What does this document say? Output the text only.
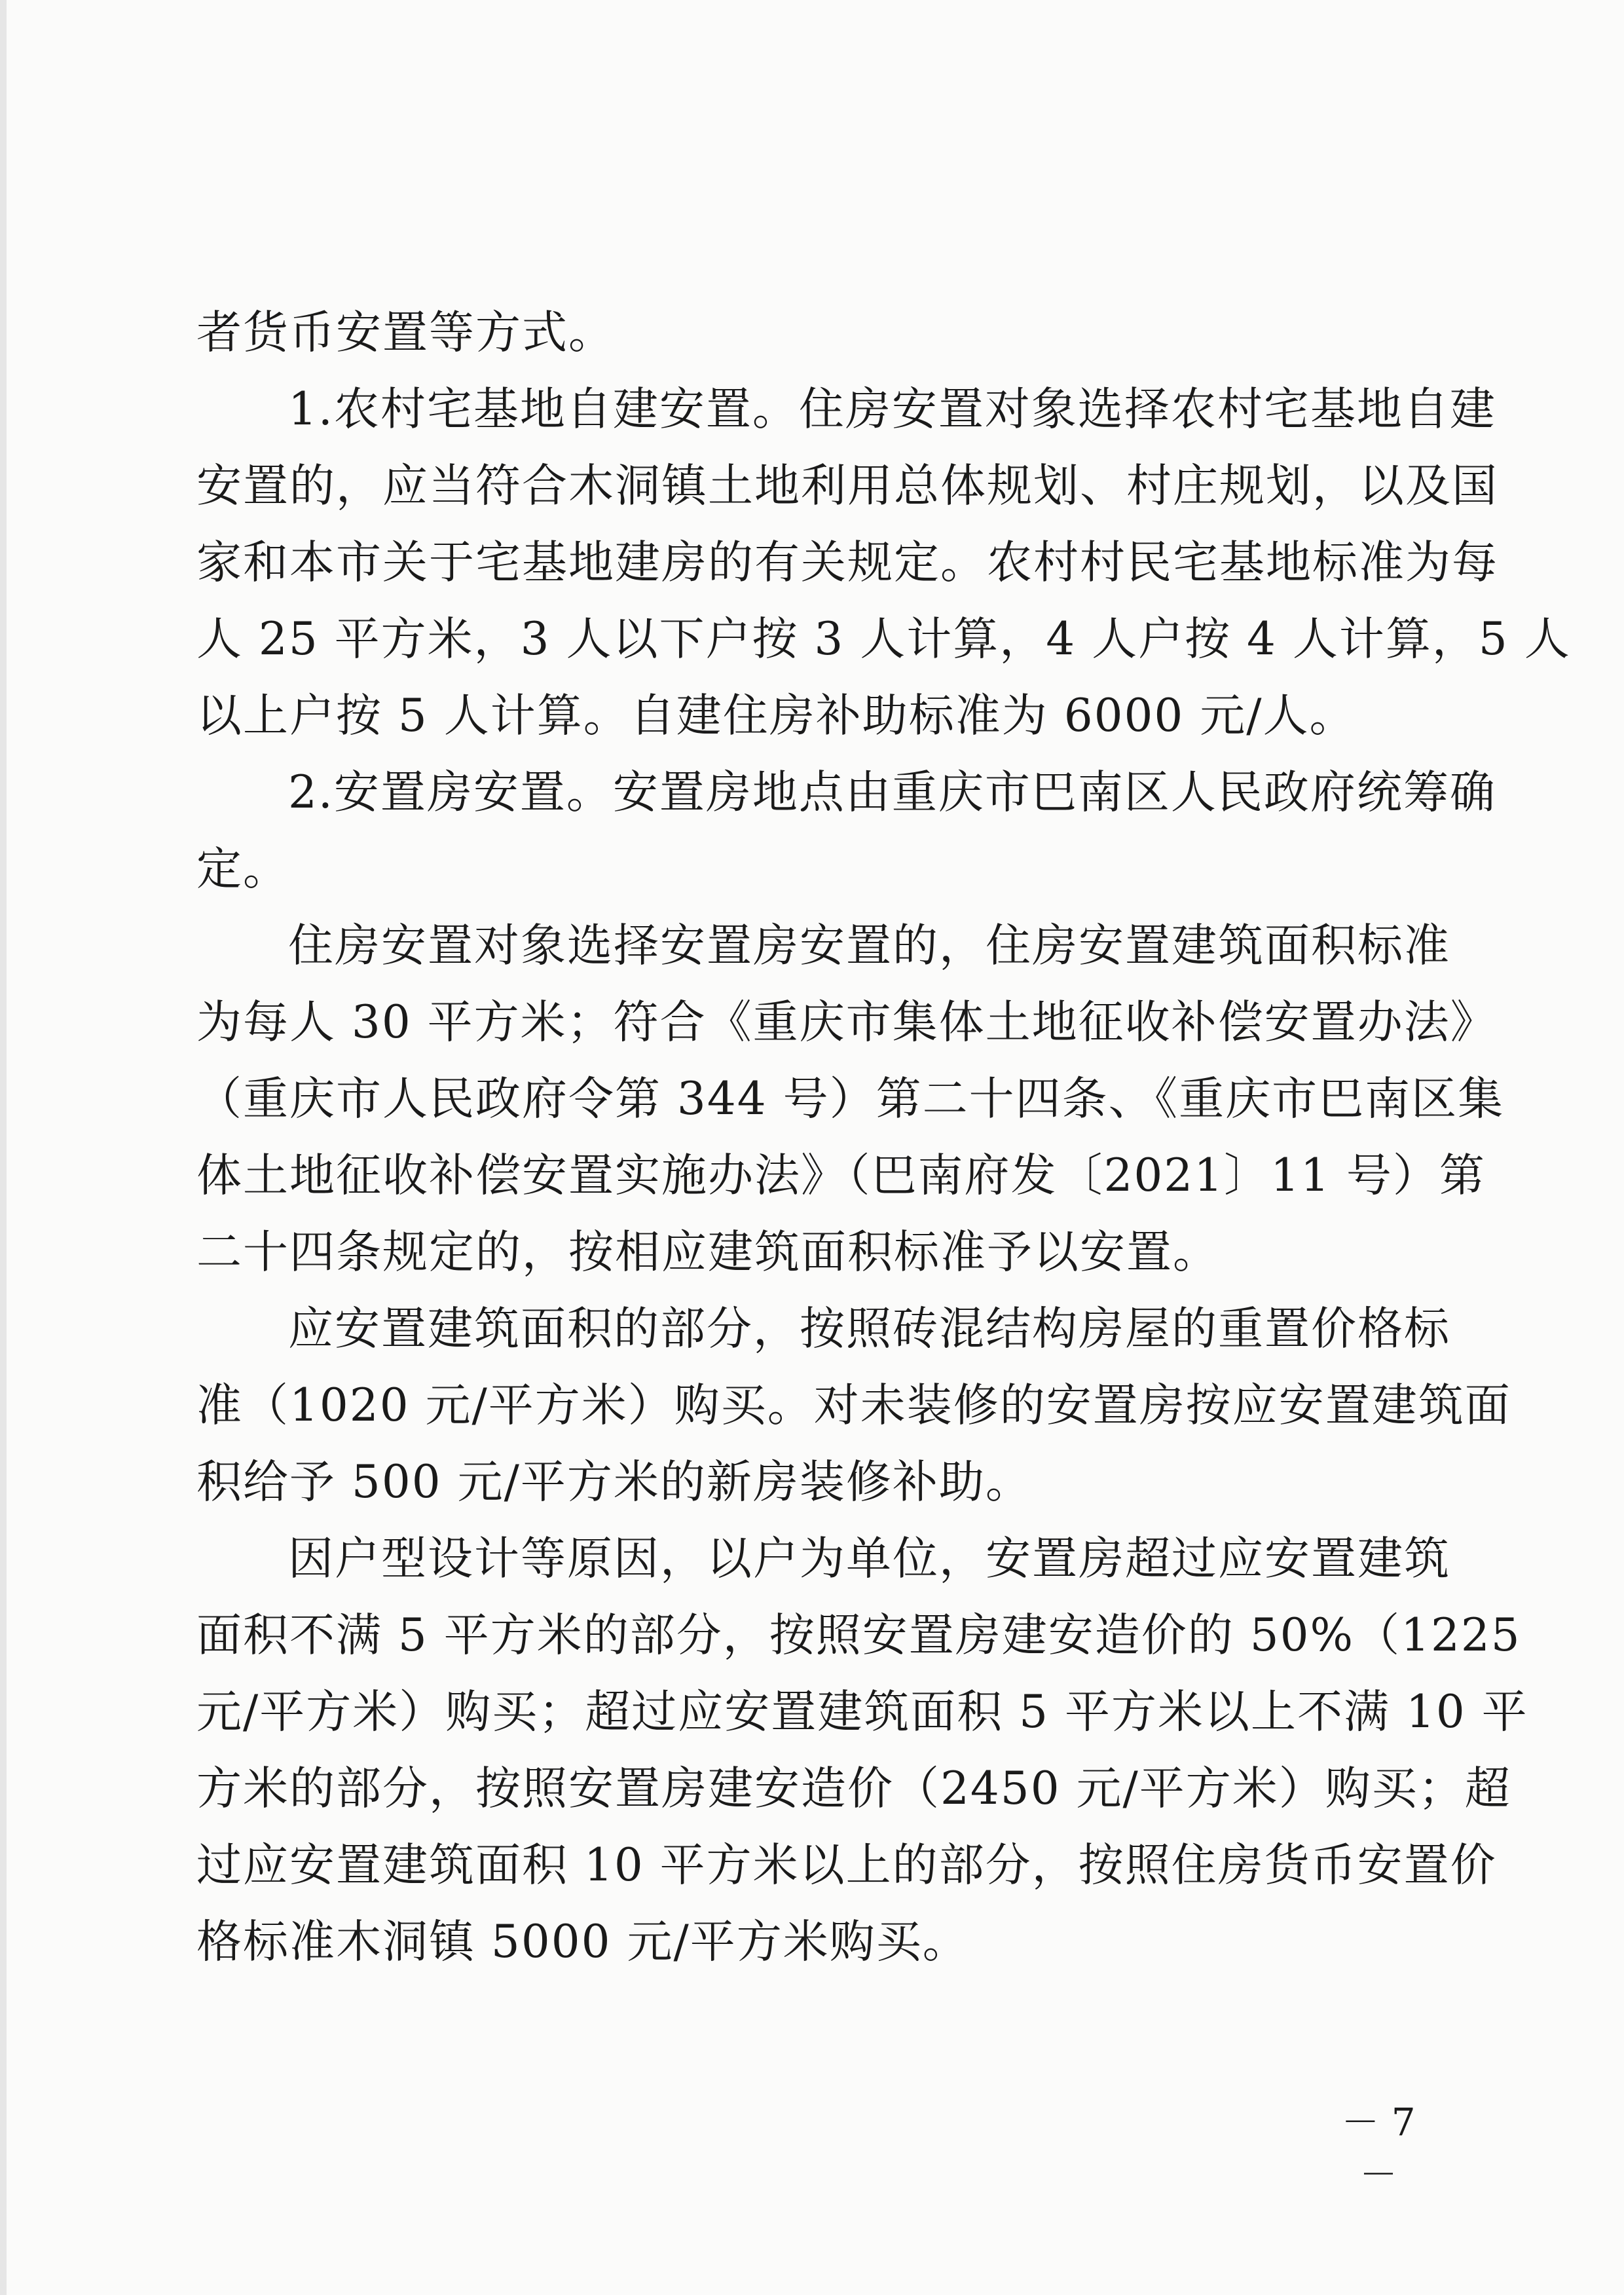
者货币安置等方式。
1.农村宅基地自建安置。住房安置对象选择农村宅基地自建
安置的，应当符合木洞镇土地利用总体规划、村庄规划，以及国
家和本市关于宅基地建房的有关规定。农村村民宅基地标准为每
人 25 平方米，3 人以下户按 3 人计算，4 人户按 4 人计算，5 人
以上户按 5 人计算。自建住房补助标准为 6000 元/人。
2.安置房安置。安置房地点由重庆市巴南区人民政府统筹确
定。
住房安置对象选择安置房安置的，住房安置建筑面积标准
为每人 30 平方米；符合《重庆市集体土地征收补偿安置办法》
（重庆市人民政府令第 344 号）第二十四条、《重庆市巴南区集
体土地征收补偿安置实施办法》（巴南府发〔2021〕11 号）第
二十四条规定的，按相应建筑面积标准予以安置。
应安置建筑面积的部分，按照砖混结构房屋的重置价格标
准（1020 元/平方米）购买。对未装修的安置房按应安置建筑面
积给予 500 元/平方米的新房装修补助。
因户型设计等原因，以户为单位，安置房超过应安置建筑
面积不满 5 平方米的部分，按照安置房建安造价的 50%（1225
元/平方米）购买；超过应安置建筑面积 5 平方米以上不满 10 平
方米的部分，按照安置房建安造价（2450 元/平方米）购买；超
过应安置建筑面积 10 平方米以上的部分，按照住房货币安置价
格标准木洞镇 5000 元/平方米购买。
－ 7 －
